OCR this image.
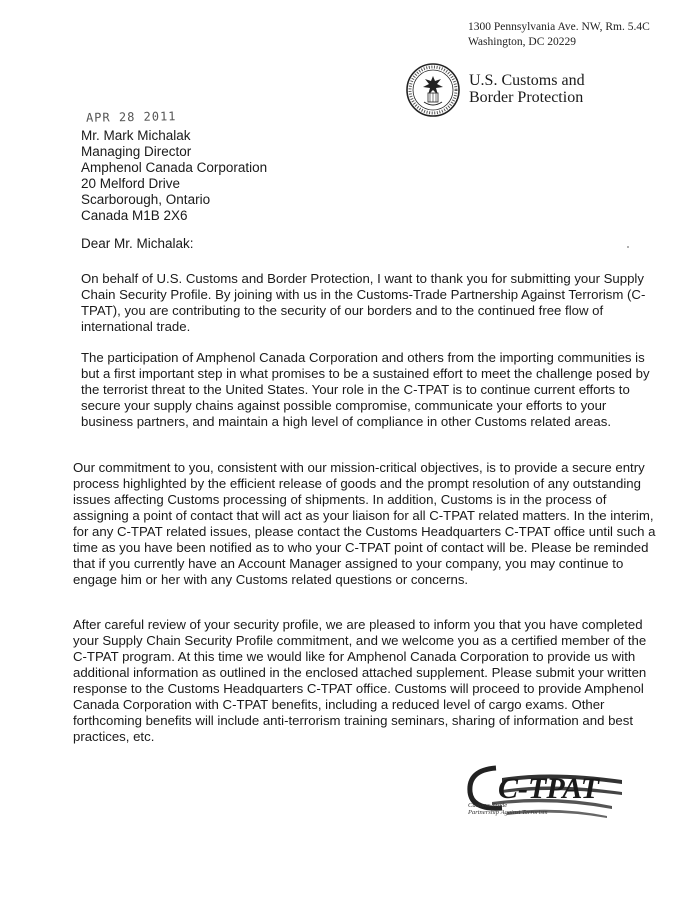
1300 Pennsylvania Ave. NW, Rm. 5.4C
Washington, DC 20229
U.S. Customs and
Border Protection
APR 28 2011
Mr. Mark Michalak
Managing Director
Amphenol Canada Corporation
20 Melford Drive
Scarborough, Ontario
Canada M1B 2X6
Dear Mr. Michalak:

On behalf of U.S. Customs and Border Protection, I want to thank you for submitting your Supply Chain Security Profile. By joining with us in the Customs-Trade Partnership Against Terrorism (C-TPAT), you are contributing to the security of our borders and to the continued free flow of international trade.

The participation of Amphenol Canada Corporation and others from the importing communities is but a first important step in what promises to be a sustained effort to meet the challenge posed by the terrorist threat to the United States. Your role in the C-TPAT is to continue current efforts to secure your supply chains against possible compromise, communicate your efforts to your business partners, and maintain a high level of compliance in other Customs related areas.

Our commitment to you, consistent with our mission-critical objectives, is to provide a secure entry process highlighted by the efficient release of goods and the prompt resolution of any outstanding issues affecting Customs processing of shipments. In addition, Customs is in the process of assigning a point of contact that will act as your liaison for all C-TPAT related matters. In the interim, for any C-TPAT related issues, please contact the Customs Headquarters C-TPAT office until such a time as you have been notified as to who your C-TPAT point of contact will be. Please be reminded that if you currently have an Account Manager assigned to your company, you may continue to engage him or her with any Customs related questions or concerns.

After careful review of your security profile, we are pleased to inform you that you have completed your Supply Chain Security Profile commitment, and we welcome you as a certified member of the C-TPAT program. At this time we would like for Amphenol Canada Corporation to provide us with additional information as outlined in the enclosed attached supplement. Please submit your written response to the Customs Headquarters C-TPAT office. Customs will proceed to provide Amphenol Canada Corporation with C-TPAT benefits, including a reduced level of cargo exams. Other forthcoming benefits will include anti-terrorism training seminars, sharing of information and best practices, etc.

C-TPAT
Customs Trade
Partnership Against Terrorism
